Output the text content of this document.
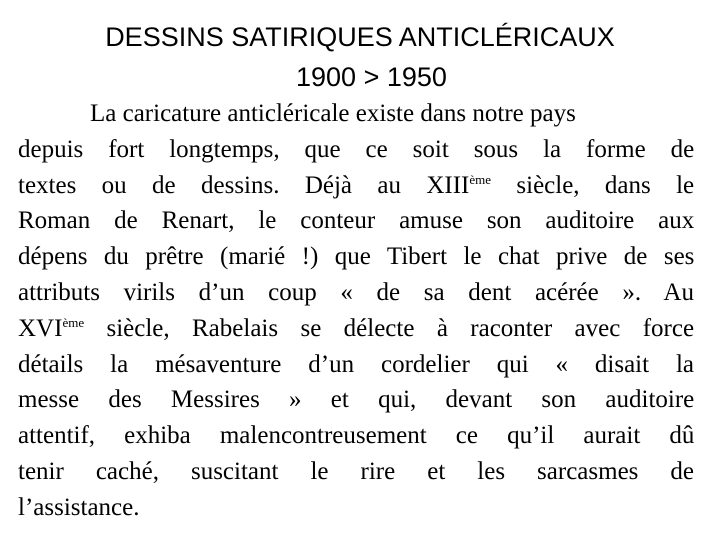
DESSINS SATIRIQUES ANTICLÉRICAUX
1900 > 1950
La caricature anticléricale existe dans notre pays
depuis fort longtemps, que ce soit sous la forme de
textes ou de dessins. Déjà au XIIIème siècle, dans le
Roman de Renart, le conteur amuse son auditoire aux
dépens du prêtre (marié !) que Tibert le chat prive de ses
attributs virils d’un coup « de sa dent acérée ». Au
XVIème siècle, Rabelais se délecte à raconter avec force
détails la mésaventure d’un cordelier qui « disait la
messe des Messires » et qui, devant son auditoire
attentif, exhiba malencontreusement ce qu’il aurait dû
tenir caché, suscitant le rire et les sarcasmes de
l’assistance.
